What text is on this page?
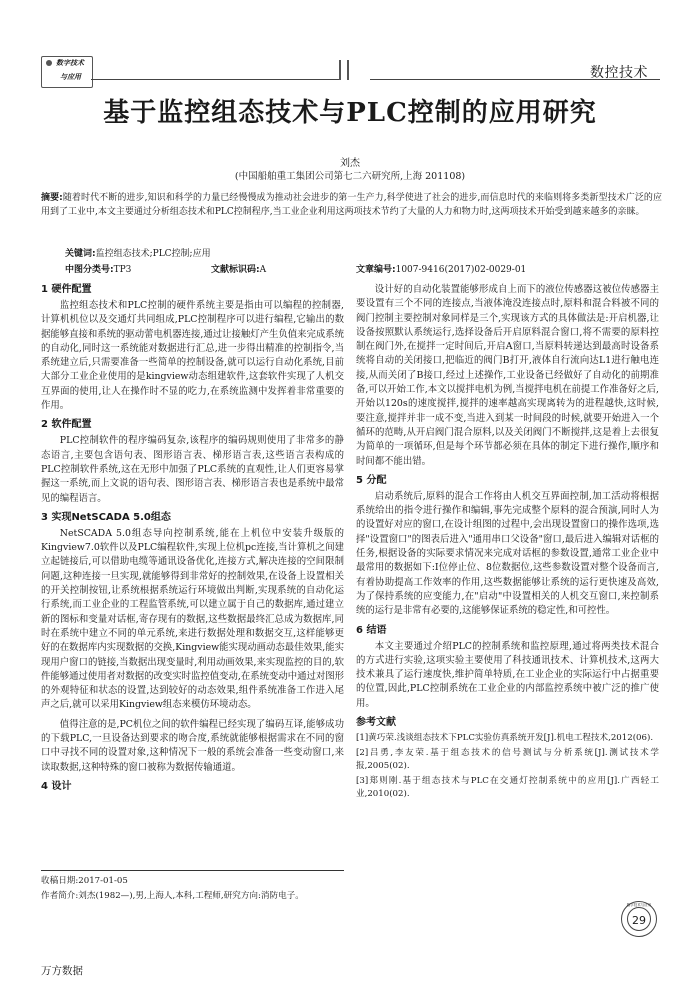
数字技术
与应用	数控技术
基于监控组态技术与PLC控制的应用研究
刘杰
(中国船舶重工集团公司第七二六研究所,上海 201108)
摘要:随着时代不断的进步,知识和科学的力量已经慢慢成为推动社会进步的第一生产力,科学使进了社会的进步,而信息时代的来临则将多类新型技术广泛的应用到了工业中,本文主要通过分析组态技术和PLC控制程序,当工业企业利用这两项技术节约了大量的人力和物力时,这两项技术开始受到越来越多的亲睐。
关键词:监控组态技术;PLC控制;应用
中图分类号:TP3	文献标识码:A	文章编号:1007-9416(2017)02-0029-01
1 硬件配置

监控组态技术和PLC控制的硬件系统主要是指由可以编程的控制器,计算机机位以及交通灯共同组成,PLC控制程序可以进行编程,它输出的数据能够直接和系统的驱动蕾电机器连接,通过让接触灯产生负值来完成系统的自动化,同时这一系统能对数据进行汇总,进一步得出精准的控制指令,当系统建立后,只需要准备一些简单的控制设备,就可以运行自动化系统,目前大部分工业企业使用的是kingview动态组建软件,这套软件实现了人机交互界面的使用,让人在操作时不显的吃力,在系统监测中发挥着非常重要的作用。

2 软件配置

PLC控制软件的程序编码复杂,该程序的编码规则使用了非常多的静态语言,主要包含语句表、图形语言表、梯形语言表,这些语言表构成的PLC控制软件系统,这在无形中加强了PLC系统的直观性,让人们更容易掌握这一系统,而上文说的语句表、图形语言表、梯形语言表也是系统中最常见的编程语言。

3 实现NetSCADA 5.0组态

NetSCADA 5.0组态导向控制系统,能在上机位中安装升级版的Kingview7.0软件以及PLC编程软件,实现上位机pc连接,当计算机之间建立起链接后,可以借助电缆等通讯设备优化,连接方式,解决连接的空间限制问题,这种连接一旦实现,就能够得到非常好的控制效果,在设备上设置相关的开关控制按钮,让系统根据系统运行环境做出判断,实现系统的自动化运行系统,而工业企业的工程监管系统,可以建立属于自己的数据库,通过建立新的图标和变量对话框,寄存现有的数据,这些数据最终汇总成为数据库,同时在系统中建立不同的单元系统,来进行数据处理和数据交互,这样能够更好的在数据库内实现数据的交换,Kingview能实现动画动态最佳效果,能实现用户窗口的链接,当数据出现变量时,利用动画效果,来实现监控的目的,软件能够通过使用者对数据的改变实时监控值变动,在系统变动中通过对图形的外观特征和状态的设置,达到较好的动态效果,组件系统准备工作进入尾声之后,就可以采用Kingview组态来模仿环境动态。

值得注意的是,PC机位之间的软件编程已经实现了编码互译,能够成功的下载PLC,一旦设备达到要求的吻合度,系统就能够根据需求在不同的窗口中寻找不同的设置对象,这种情况下一般的系统会准备一些变动窗口,来读取数据,这种特殊的窗口被称为数据传输通道。

4 设计

设计好的自动化装置能够形成自上而下的液位传感器这被位传感器主要设置有三个不同的连接点,当液体淹没连接点时,原料和混合料被不同的阀门控制主要控制对象同样是三个,实现该方式的具体做法是:开启机器,让设备按照默认系统运行,选择设备后开启原料混合窗口,将不需要的原料控制在阀门外,在搅拌一定时间后,开启A窗口,当原料转递达到最高时设备系统将自动的关闭接口,把临近的阀门B打开,液体自行流向达L1进行触电连接,从而关闭了B接口,经过上述操作,工业设备已经做好了自动化的前期准备,可以开始工作,本文以搅拌电机为例,当搅拌电机在前提工作准备好之后,开始以120s的速度搅拌,搅拌的速率越高实现离转为的进程越快,这时候,要注意,搅拌并非一成不变,当进入到某一时间段的时候,就要开始进入一个循环的范畴,从开启阀门混合原料,以及关闭阀门不断搅拌,这是着上去很复为简单的一项循环,但是每个环节都必须在具体的制定下进行操作,顺序和时间都不能出错。

5 分配

启动系统后,原料的混合工作将由人机交互界面控制,加工活动将根据系统给出的指令进行操作和编辑,事先完成整个原料的混合预演,同时人为的设置好对应的窗口,在设计组图的过程中,会出现设置窗口的操作选项,选择"设置窗口"的图表后进入"通用串口父设备"窗口,最后进入编辑对话框的任务,根据设备的实际要求情况来完成对话框的参数设置,通常工业企业中最常用的数据如下:I位停止位、8位数据位,这些参数设置对整个设备而言,有着协助提高工作效率的作用,这些数据能够让系统的运行更快速及高效,为了保持系统的应变能力,在"启动"中设置相关的人机交互窗口,来控制系统的运行是非常有必要的,这能够保证系统的稳定性,和可控性。

6 结语

本文主要通过介绍PLC的控制系统和监控原理,通过将两类技术混合的方式进行实验,这项实验主要使用了科技通讯技术、计算机技术,这两大技术兼具了运行速度快,维护简单特质,在工业企业的实际运行中占据重要的位置,因此,PLC控制系统在工业企业的内部监控系统中被广泛的推广使用。

参考文献
[1]黄巧荣.浅谈组态技术下PLC实验仿真系统开发[J].机电工程技术,2012(06).
[2]吕勇,李友荣.基于组态技术的信号测试与分析系统[J].测试技术学报,2005(02).
[3]郑则刚.基于组态技术与PLC在交通灯控制系统中的应用[J].广西轻工业,2010(02).
收稿日期:2017-01-05
作者简介:刘杰(1982—),男,上海人,本科,工程师,研究方向:消防电子。
数字技术与应用
29
万方数据
